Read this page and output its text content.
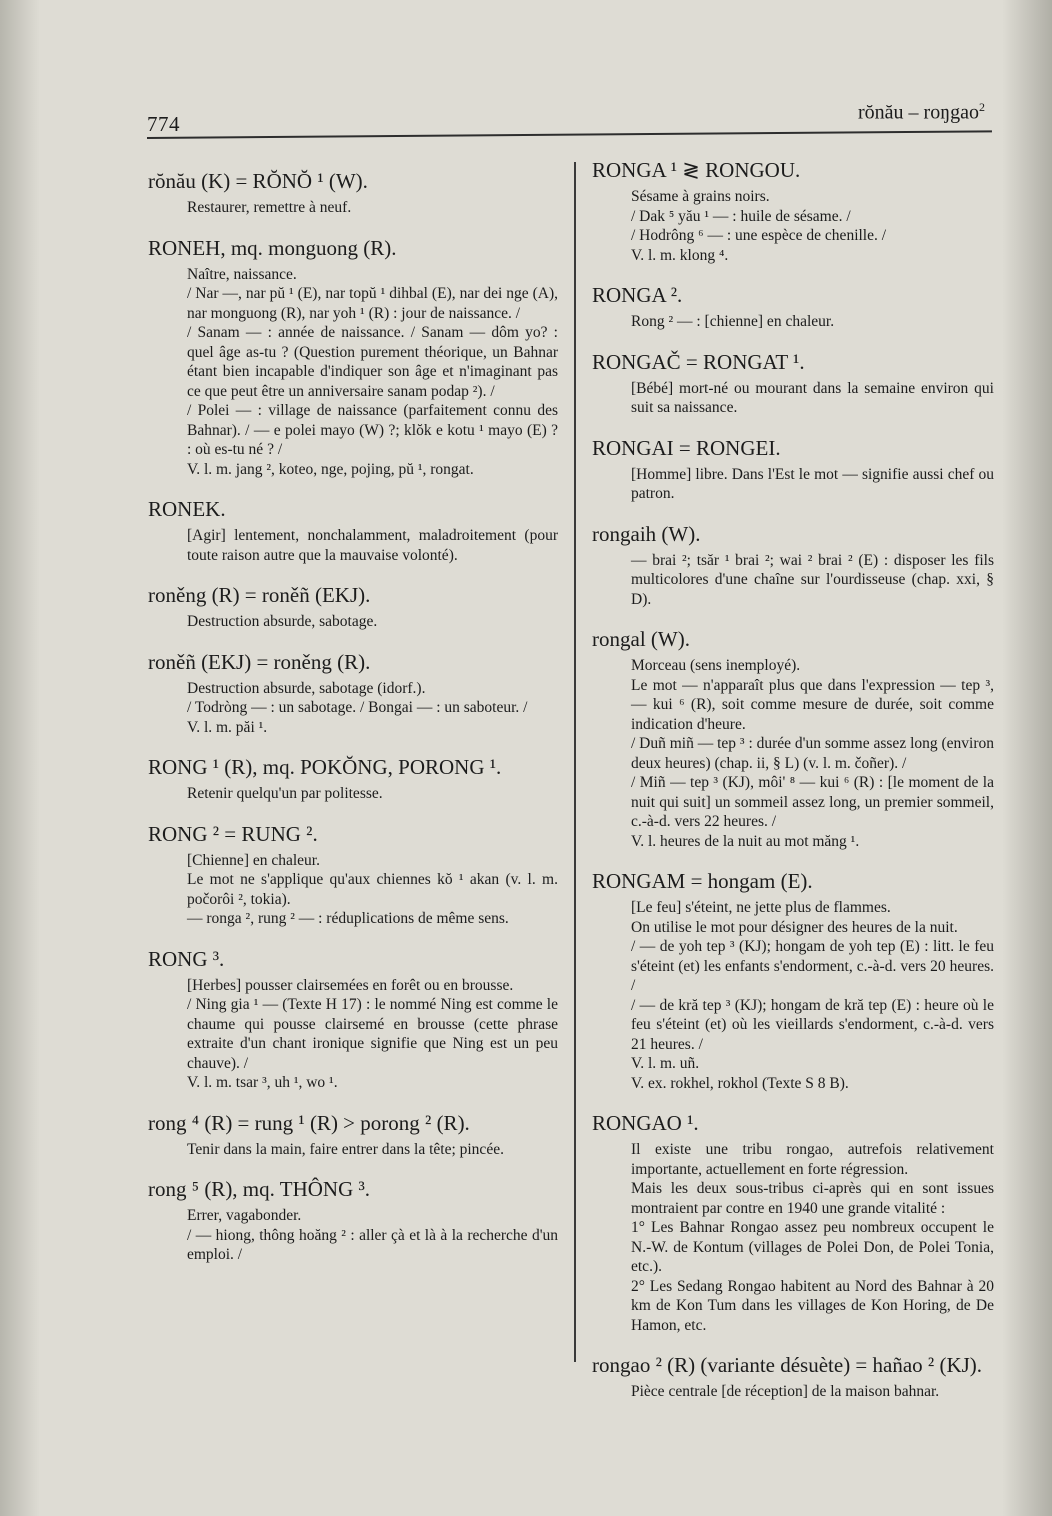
774	rŏnău – roŋgao$^2$
rŏnău (K) = RŎNŎ ¹ (W).

Restaurer, remettre à neuf.

RONEH, mq. monguong (R).

Naître, naissance.

/ Nar —, nar pŭ ¹ (E), nar topŭ ¹ dihbal (E), nar dei nge (A), nar monguong (R), nar yoh ¹ (R) : jour de naissance. /

/ Sanam — : année de naissance. / Sanam — dôm yo? : quel âge as-tu ? (Question purement théorique, un Bahnar étant bien incapable d'indiquer son âge et n'imaginant pas ce que peut être un anniversaire sanam podap ²). /

/ Polei — : village de naissance (parfaitement connu des Bahnar). / — e polei mayo (W) ?; klŏk e kotu ¹ mayo (E) ? : où es-tu né ? /

V. l. m. jang ², koteo, nge, pojing, pŭ ¹, rongat.

RONEK.

[Agir] lentement, nonchalamment, maladroitement (pour toute raison autre que la mauvaise volonté).

roněng (R) = roněñ (EKJ).

Destruction absurde, sabotage.

roněñ (EKJ) = roněng (R).

Destruction absurde, sabotage (idorf.).

/ Todròng — : un sabotage. / Bongai — : un saboteur. /

V. l. m. păi ¹.

RONG ¹ (R), mq. POKŎNG, PORONG ¹.

Retenir quelqu'un par politesse.

RONG ² = RUNG ².

[Chienne] en chaleur.

Le mot ne s'applique qu'aux chiennes kŏ ¹ akan (v. l. m. počorôi ², tokia).

— ronga ², rung ² — : réduplications de même sens.

RONG ³.

[Herbes] pousser clairsemées en forêt ou en brousse.

/ Ning gia ¹ — (Texte H 17) : le nommé Ning est comme le chaume qui pousse clairsemé en brousse (cette phrase extraite d'un chant ironique signifie que Ning est un peu chauve). /

V. l. m. tsar ³, uh ¹, wo ¹.

rong ⁴ (R) = rung ¹ (R) > porong ² (R).

Tenir dans la main, faire entrer dans la tête; pincée.

rong ⁵ (R), mq. THÔNG ³.

Errer, vagabonder.

/ — hiong, thông hoăng ² : aller çà et là à la recherche d'un emploi. /

RONGA ¹ ≷ RONGOU.

Sésame à grains noirs.

/ Dak ⁵ yău ¹ — : huile de sésame. /

/ Hodrông ⁶ — : une espèce de chenille. /

V. l. m. klong ⁴.

RONGA ².

Rong ² — : [chienne] en chaleur.

RONGAČ = RONGAT ¹.

[Bébé] mort-né ou mourant dans la semaine environ qui suit sa naissance.

RONGAI = RONGEI.

[Homme] libre. Dans l'Est le mot — signifie aussi chef ou patron.

rongaih (W).

— brai ²; tsăr ¹ brai ²; wai ² brai ² (E) : disposer les fils multicolores d'une chaîne sur l'ourdisseuse (chap. xxi, § D).

rongal (W).

Morceau (sens inemployé).

Le mot — n'apparaît plus que dans l'expression — tep ³, — kui ⁶ (R), soit comme mesure de durée, soit comme indication d'heure.

/ Duñ miñ — tep ³ : durée d'un somme assez long (environ deux heures) (chap. ii, § L) (v. l. m. čoñer). /

/ Miñ — tep ³ (KJ), môi' ⁸ — kui ⁶ (R) : [le moment de la nuit qui suit] un sommeil assez long, un premier sommeil, c.-à-d. vers 22 heures. /

V. l. heures de la nuit au mot măng ¹.

RONGAM = hongam (E).

[Le feu] s'éteint, ne jette plus de flammes.

On utilise le mot pour désigner des heures de la nuit.

/ — de yoh tep ³ (KJ); hongam de yoh tep (E) : litt. le feu s'éteint (et) les enfants s'endorment, c.-à-d. vers 20 heures. /

/ — de kră tep ³ (KJ); hongam de kră tep (E) : heure où le feu s'éteint (et) où les vieillards s'endorment, c.-à-d. vers 21 heures. /

V. l. m. uñ.

V. ex. rokhel, rokhol (Texte S 8 B).

RONGAO ¹.

Il existe une tribu rongao, autrefois relativement importante, actuellement en forte régression.

Mais les deux sous-tribus ci-après qui en sont issues montraient par contre en 1940 une grande vitalité :

1° Les Bahnar Rongao assez peu nombreux occupent le N.-W. de Kontum (villages de Polei Don, de Polei Tonia, etc.).

2° Les Sedang Rongao habitent au Nord des Bahnar à 20 km de Kon Tum dans les villages de Kon Horing, de De Hamon, etc.

rongao ² (R) (variante désuète) = hañao ² (KJ).

Pièce centrale [de réception] de la maison bahnar.
